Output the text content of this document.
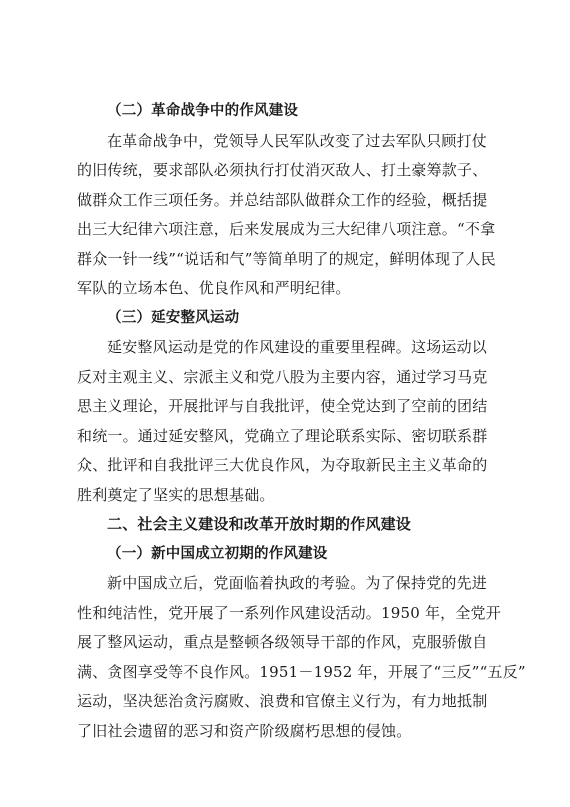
（二）革命战争中的作风建设
在革命战争中，党领导人民军队改变了过去军队只顾打仗
的旧传统，要求部队必须执行打仗消灭敌人、打土豪筹款子、
做群众工作三项任务。并总结部队做群众工作的经验，概括提
出三大纪律六项注意，后来发展成为三大纪律八项注意。“不拿
群众一针一线”“说话和气”等简单明了的规定，鲜明体现了人民
军队的立场本色、优良作风和严明纪律。
（三）延安整风运动
延安整风运动是党的作风建设的重要里程碑。这场运动以
反对主观主义、宗派主义和党八股为主要内容，通过学习马克
思主义理论，开展批评与自我批评，使全党达到了空前的团结
和统一。通过延安整风，党确立了理论联系实际、密切联系群
众、批评和自我批评三大优良作风，为夺取新民主主义革命的
胜利奠定了坚实的思想基础。
二、社会主义建设和改革开放时期的作风建设
（一）新中国成立初期的作风建设
新中国成立后，党面临着执政的考验。为了保持党的先进
性和纯洁性，党开展了一系列作风建设活动。1950 年，全党开
展了整风运动，重点是整顿各级领导干部的作风，克服骄傲自
满、贪图享受等不良作风。1951－1952 年，开展了“三反”“五反”
运动，坚决惩治贪污腐败、浪费和官僚主义行为，有力地抵制
了旧社会遗留的恶习和资产阶级腐朽思想的侵蚀。
